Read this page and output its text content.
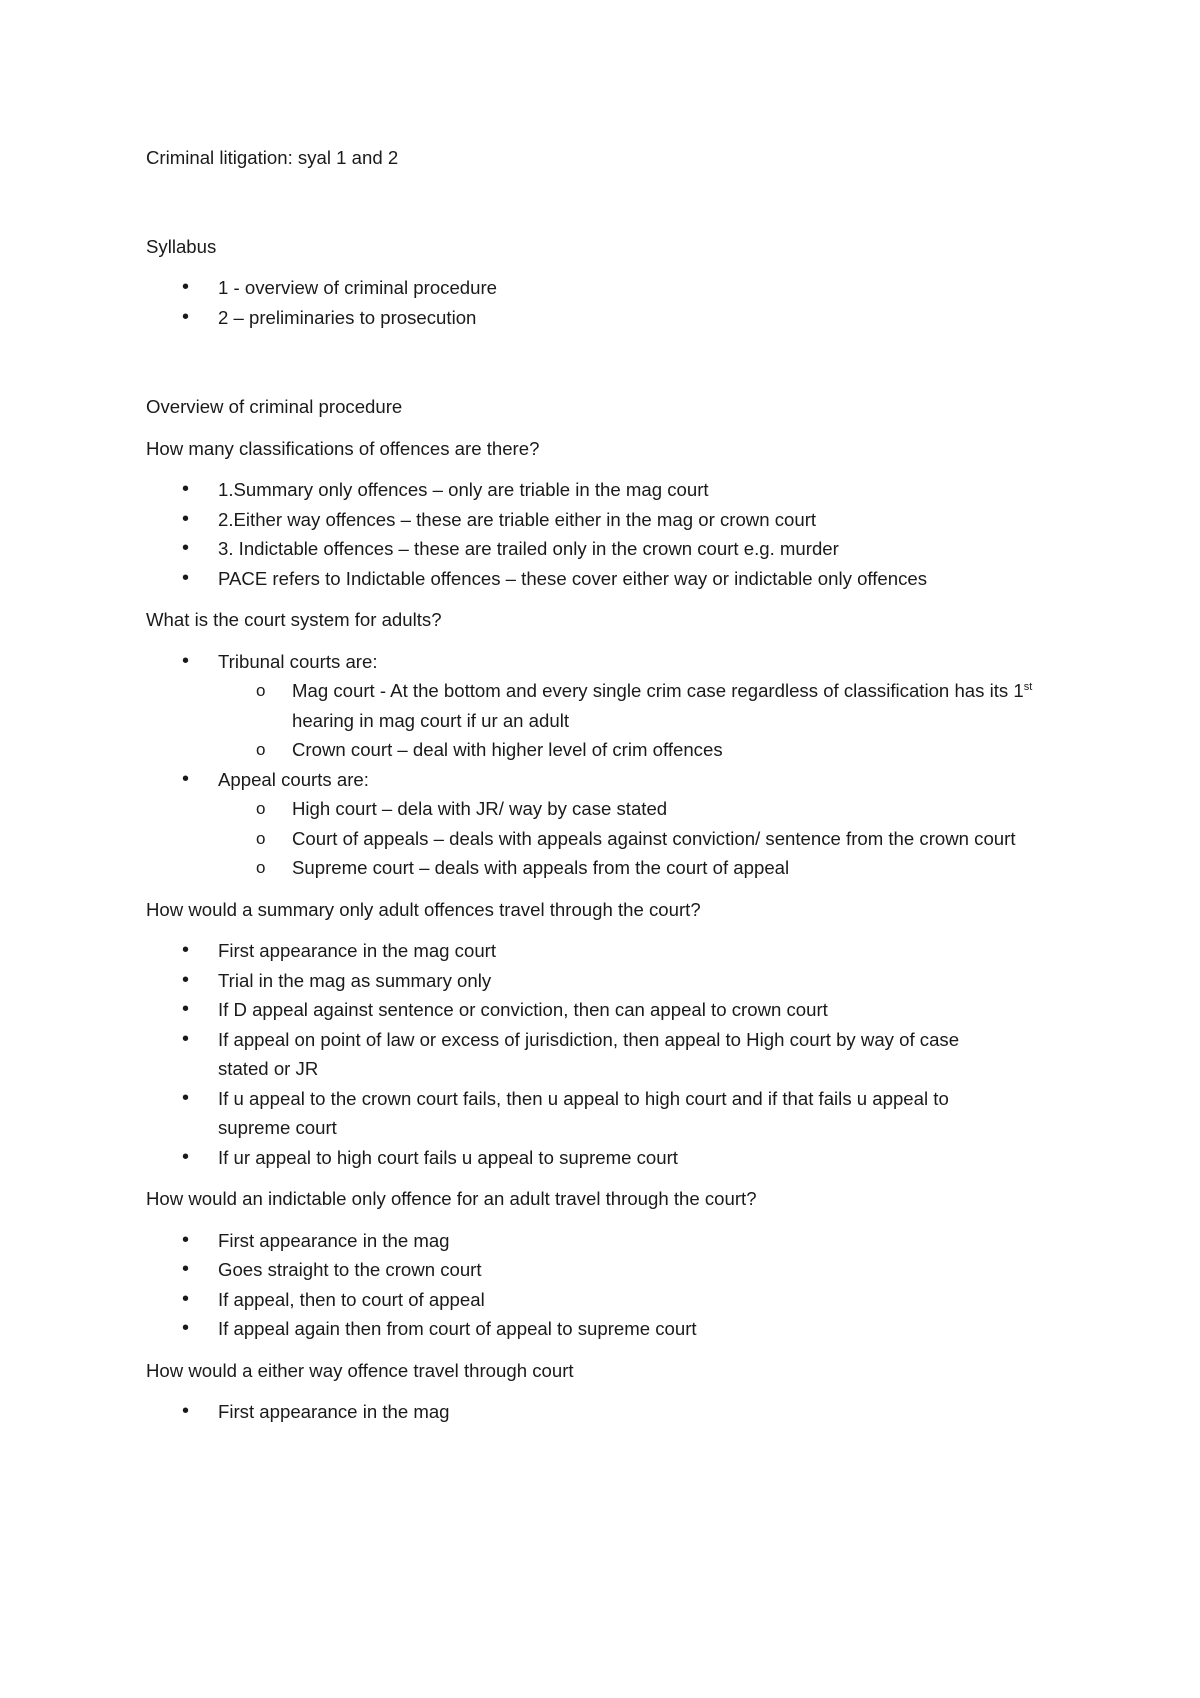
Criminal litigation: syal 1 and 2
Syllabus
• 1 - overview of criminal procedure
• 2 – preliminaries to prosecution
Overview of criminal procedure
How many classifications of offences are there?
• 1.Summary only offences – only are triable in the mag court
• 2.Either way offences – these are triable either in the mag or crown court
• 3. Indictable offences – these are trailed only in the crown court e.g. murder
• PACE refers to Indictable offences – these cover either way or indictable only offences
What is the court system for adults?
• Tribunal courts are:
o Mag court - At the bottom and every single crim case regardless of classification has its 1st hearing in mag court if ur an adult
o Crown court – deal with higher level of crim offences
• Appeal courts are:
o High court – dela with JR/ way by case stated
o Court of appeals – deals with appeals against conviction/ sentence from the crown court
o Supreme court – deals with appeals from the court of appeal
How would a summary only adult offences travel through the court?
• First appearance in the mag court
• Trial in the mag as summary only
• If D appeal against sentence or conviction, then can appeal to crown court
• If appeal on point of law or excess of jurisdiction, then appeal to High court by way of case stated or JR
• If u appeal to the crown court fails, then u appeal to high court and if that fails u appeal to supreme court
• If ur appeal to high court fails u appeal to supreme court
How would an indictable only offence for an adult travel through the court?
• First appearance in the mag
• Goes straight to the crown court
• If appeal, then to court of appeal
• If appeal again then from court of appeal to supreme court
How would a either way offence travel through court
• First appearance in the mag
